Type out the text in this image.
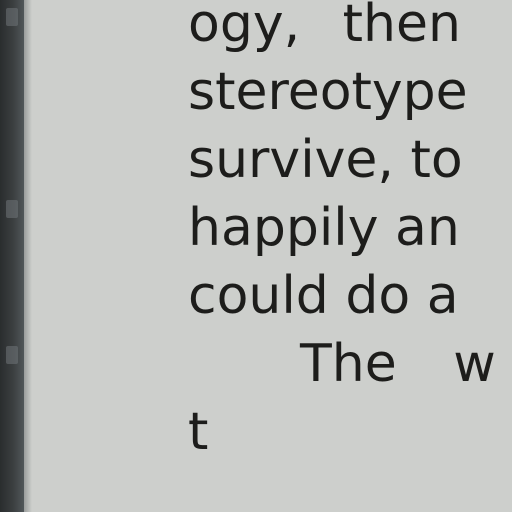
ogy, then
stereotype
survive, to
happily an
could do a
The w
t
